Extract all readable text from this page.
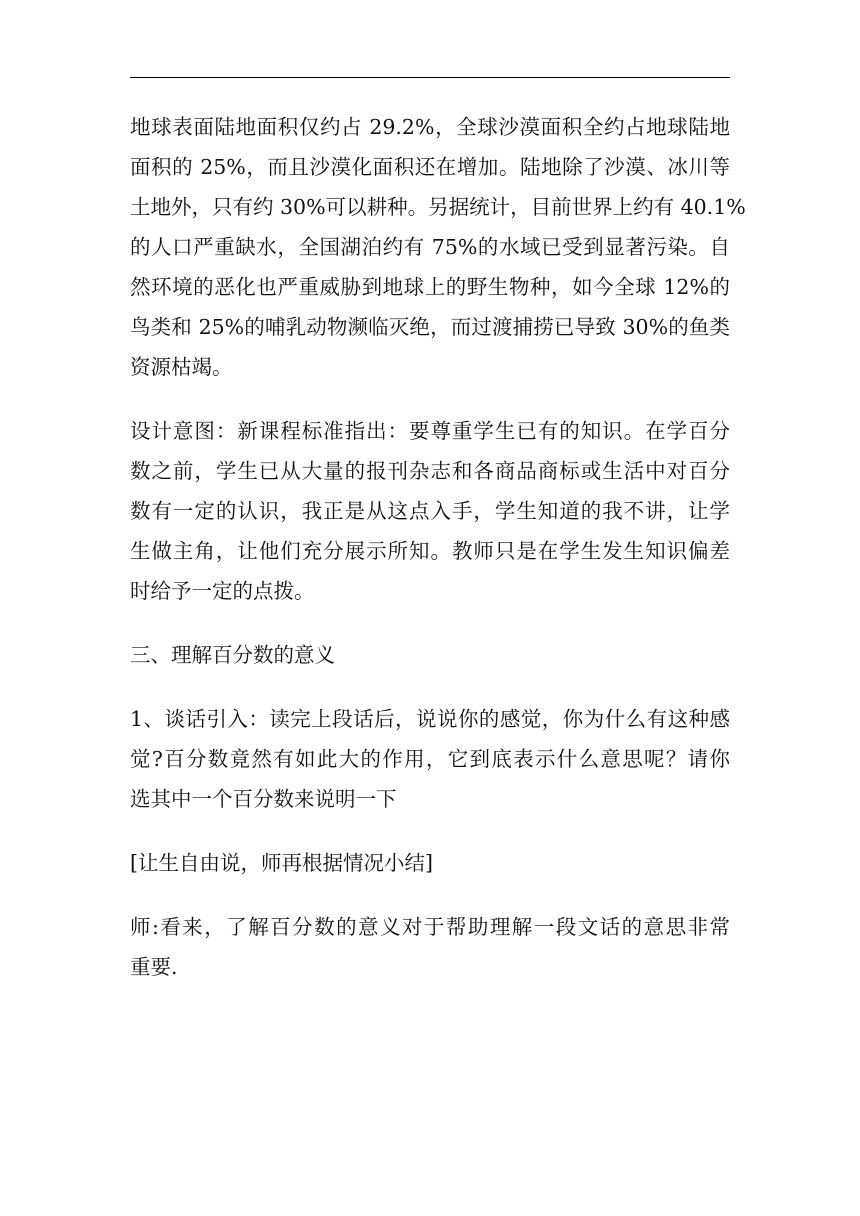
地球表面陆地面积仅约占 29.2%，全球沙漠面积全约占地球陆地
面积的 25%，而且沙漠化面积还在增加。陆地除了沙漠、冰川等
土地外，只有约 30%可以耕种。另据统计，目前世界上约有 40.1%
的人口严重缺水，全国湖泊约有 75%的水域已受到显著污染。自
然环境的恶化也严重威胁到地球上的野生物种，如今全球 12%的
鸟类和 25%的哺乳动物濒临灭绝，而过渡捕捞已导致 30%的鱼类
资源枯竭。

设计意图：新课程标准指出：要尊重学生已有的知识。在学百分
数之前，学生已从大量的报刊杂志和各商品商标或生活中对百分
数有一定的认识，我正是从这点入手，学生知道的我不讲，让学
生做主角，让他们充分展示所知。教师只是在学生发生知识偏差
时给予一定的点拨。

三、理解百分数的意义

1、谈话引入：读完上段话后，说说你的感觉，你为什么有这种感
觉?百分数竟然有如此大的作用，它到底表示什么意思呢？请你
选其中一个百分数来说明一下

[让生自由说，师再根据情况小结]

师:看来，了解百分数的意义对于帮助理解一段文话的意思非常
重要.
